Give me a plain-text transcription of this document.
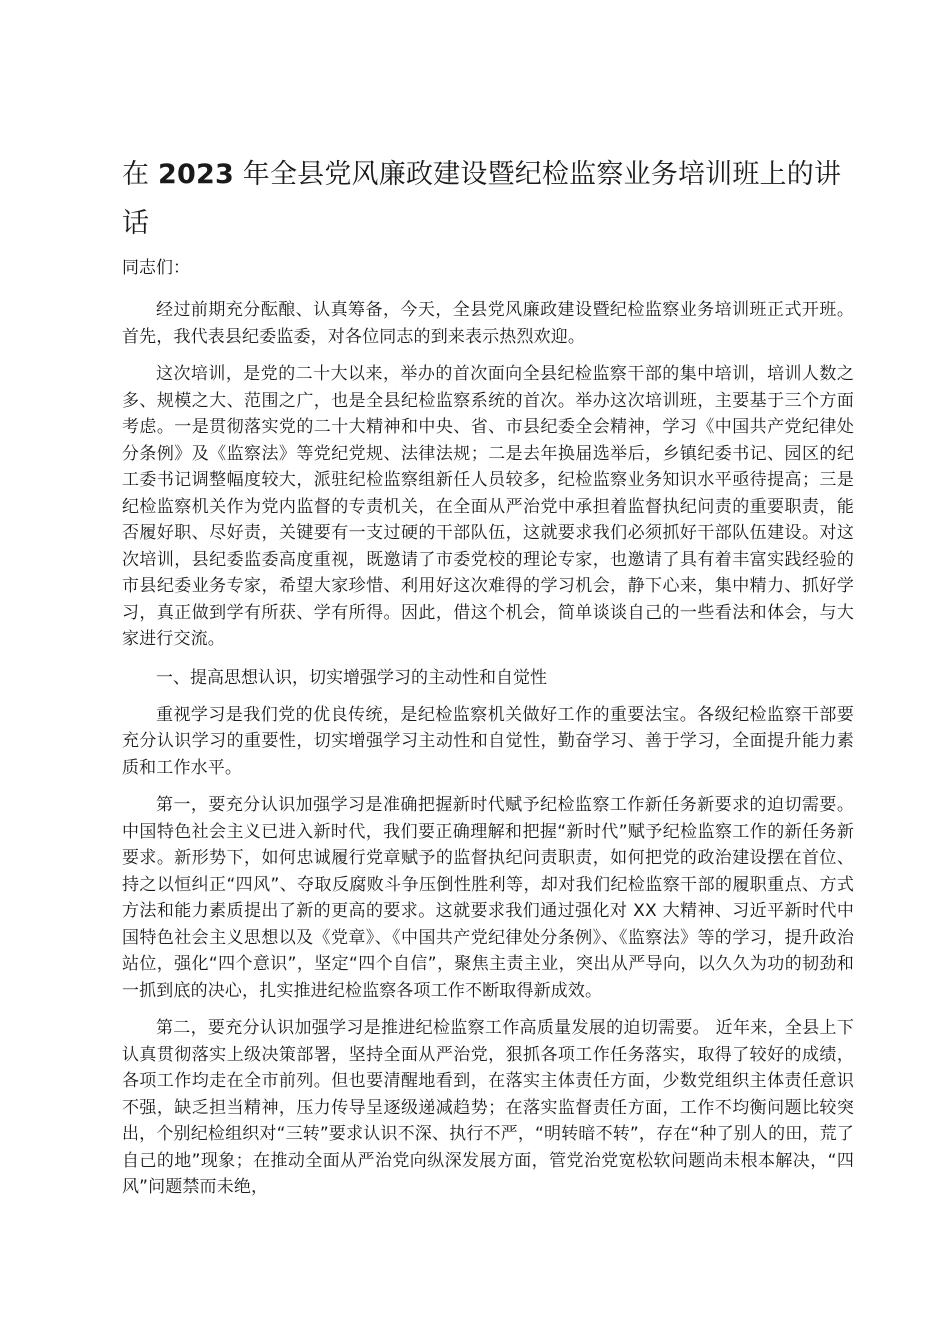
在 2023 年全县党风廉政建设暨纪检监察业务培训班上的讲话

同志们：

经过前期充分酝酿、认真筹备，今天，全县党风廉政建设暨纪检监察业务培训班正式开班。首先，我代表县纪委监委，对各位同志的到来表示热烈欢迎。

这次培训，是党的二十大以来，举办的首次面向全县纪检监察干部的集中培训，培训人数之多、规模之大、范围之广，也是全县纪检监察系统的首次。举办这次培训班，主要基于三个方面考虑。一是贯彻落实党的二十大精神和中央、省、市县纪委全会精神，学习《中国共产党纪律处分条例》及《监察法》等党纪党规、法律法规；二是去年换届选举后，乡镇纪委书记、园区的纪工委书记调整幅度较大，派驻纪检监察组新任人员较多，纪检监察业务知识水平亟待提高；三是纪检监察机关作为党内监督的专责机关，在全面从严治党中承担着监督执纪问责的重要职责，能否履好职、尽好责，关键要有一支过硬的干部队伍，这就要求我们必须抓好干部队伍建设。对这次培训，县纪委监委高度重视，既邀请了市委党校的理论专家，也邀请了具有着丰富实践经验的市县纪委业务专家，希望大家珍惜、利用好这次难得的学习机会，静下心来，集中精力、抓好学习，真正做到学有所获、学有所得。因此，借这个机会，简单谈谈自己的一些看法和体会，与大家进行交流。

一、提高思想认识，切实增强学习的主动性和自觉性

重视学习是我们党的优良传统，是纪检监察机关做好工作的重要法宝。各级纪检监察干部要充分认识学习的重要性，切实增强学习主动性和自觉性，勤奋学习、善于学习，全面提升能力素质和工作水平。

第一，要充分认识加强学习是准确把握新时代赋予纪检监察工作新任务新要求的迫切需要。中国特色社会主义已进入新时代，我们要正确理解和把握“新时代”赋予纪检监察工作的新任务新要求。新形势下，如何忠诚履行党章赋予的监督执纪问责职责，如何把党的政治建设摆在首位、持之以恒纠正“四风”、夺取反腐败斗争压倒性胜利等，却对我们纪检监察干部的履职重点、方式方法和能力素质提出了新的更高的要求。这就要求我们通过强化对 XX 大精神、习近平新时代中国特色社会主义思想以及《党章》、《中国共产党纪律处分条例》、《监察法》等的学习，提升政治站位，强化“四个意识”，坚定“四个自信”，聚焦主责主业，突出从严导向，以久久为功的韧劲和一抓到底的决心，扎实推进纪检监察各项工作不断取得新成效。

第二，要充分认识加强学习是推进纪检监察工作高质量发展的迫切需要。 近年来，全县上下认真贯彻落实上级决策部署，坚持全面从严治党，狠抓各项工作任务落实，取得了较好的成绩，各项工作均走在全市前列。但也要清醒地看到，在落实主体责任方面，少数党组织主体责任意识不强，缺乏担当精神，压力传导呈逐级递减趋势；在落实监督责任方面，工作不均衡问题比较突出，个别纪检组织对“三转”要求认识不深、执行不严，“明转暗不转”，存在“种了别人的田，荒了自己的地”现象；在推动全面从严治党向纵深发展方面，管党治党宽松软问题尚未根本解决，“四风”问题禁而未绝，
